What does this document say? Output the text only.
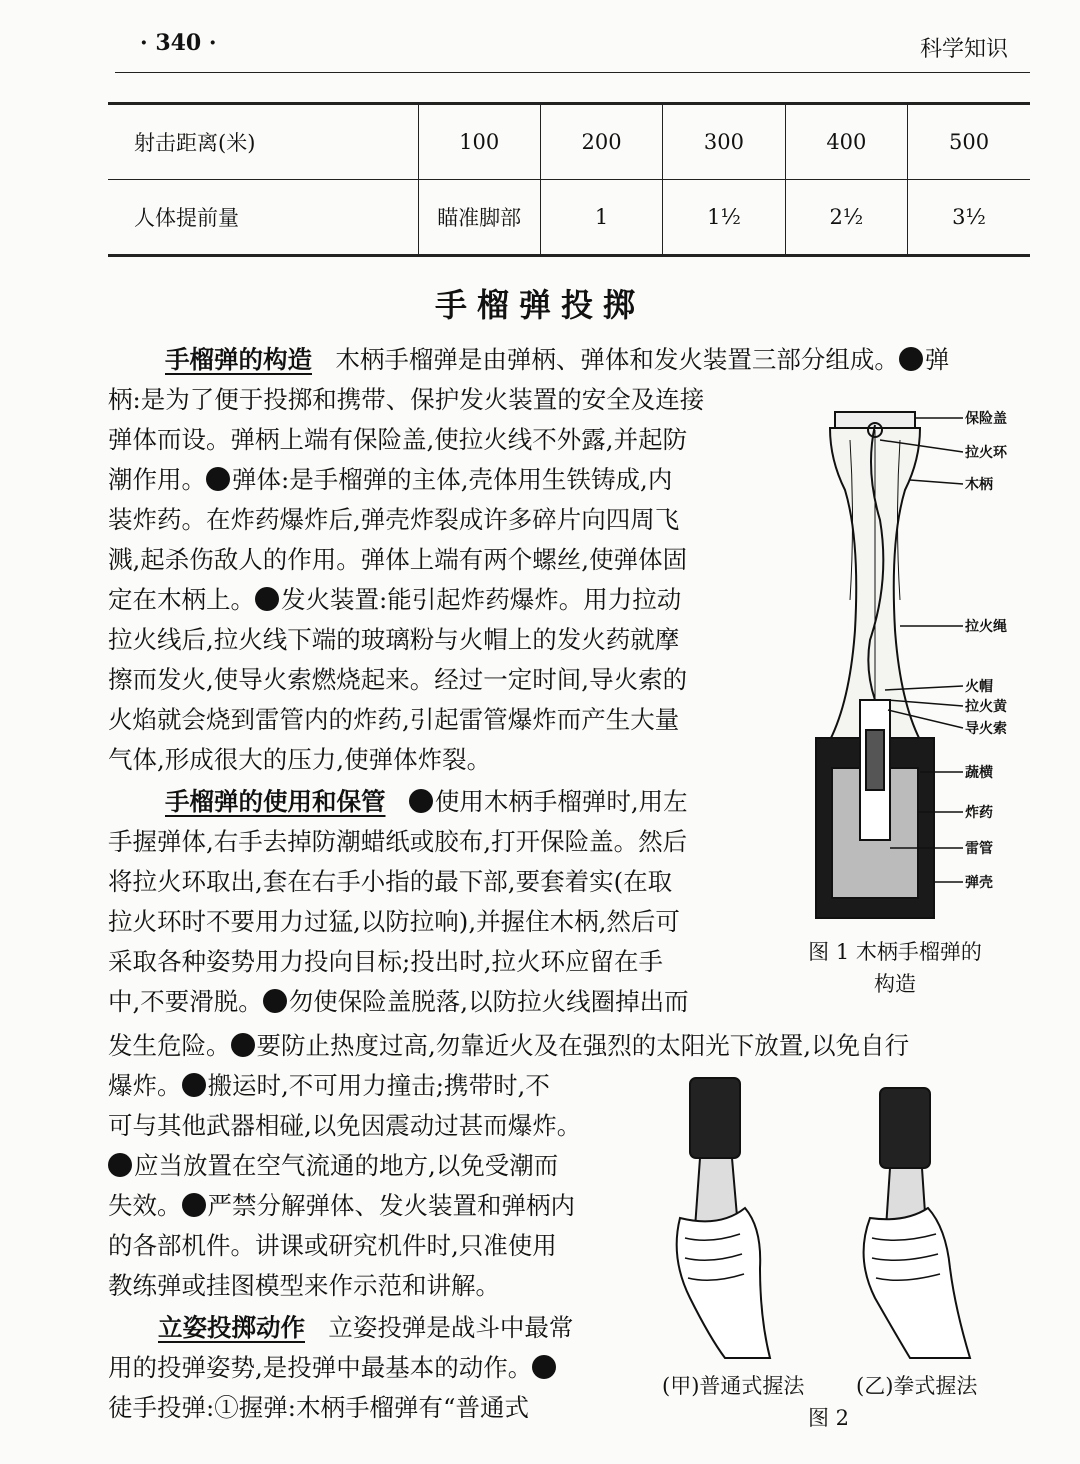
· 340 ·	科学知识
射击距离(米)	100	200	300	400	500
人体提前量	瞄准脚部	1	1½	2½	3½
手榴弹投掷
手榴弹的构造 木柄手榴弹是由弹柄、弹体和发火装置三部分组成。 弹
柄:是为了便于投掷和携带、保护发火装置的安全及连接
弹体而设。弹柄上端有保险盖,使拉火线不外露,并起防
潮作用。 弹体:是手榴弹的主体,壳体用生铁铸成,内
装炸药。在炸药爆炸后,弹壳炸裂成许多碎片向四周飞
溅,起杀伤敌人的作用。弹体上端有两个螺丝,使弹体固
定在木柄上。 发火装置:能引起炸药爆炸。用力拉动
拉火线后,拉火线下端的玻璃粉与火帽上的发火药就摩
擦而发火,使导火索燃烧起来。经过一定时间,导火索的
火焰就会烧到雷管内的炸药,引起雷管爆炸而产生大量
气体,形成很大的压力,使弹体炸裂。
手榴弹的使用和保管 使用木柄手榴弹时,用左
手握弹体,右手去掉防潮蜡纸或胶布,打开保险盖。然后
将拉火环取出,套在右手小指的最下部,要套着实(在取
拉火环时不要用力过猛,以防拉响),并握住木柄,然后可
采取各种姿势用力投向目标;投出时,拉火环应留在手
中,不要滑脱。 勿使保险盖脱落,以防拉火线圈掉出而
发生危险。 要防止热度过高,勿靠近火及在强烈的太阳光下放置,以免自行
爆炸。 搬运时,不可用力撞击;携带时,不
可与其他武器相碰,以免因震动过甚而爆炸。
应当放置在空气流通的地方,以免受潮而
失效。 严禁分解弹体、发火装置和弹柄内
的各部机件。讲课或研究机件时,只准使用
教练弹或挂图模型来作示范和讲解。
立姿投掷动作 立姿投弹是战斗中最常
用的投弹姿势,是投弹中最基本的动作。
徒手投弹:①握弹:木柄手榴弹有“普通式
保险盖
拉火环
木柄
拉火绳
火帽
拉火黄
导火索
蔬横
炸药
雷管
弹壳
图 1 木柄手榴弹的构造
(甲)普通式握法 (乙)拳式握法
图 2
